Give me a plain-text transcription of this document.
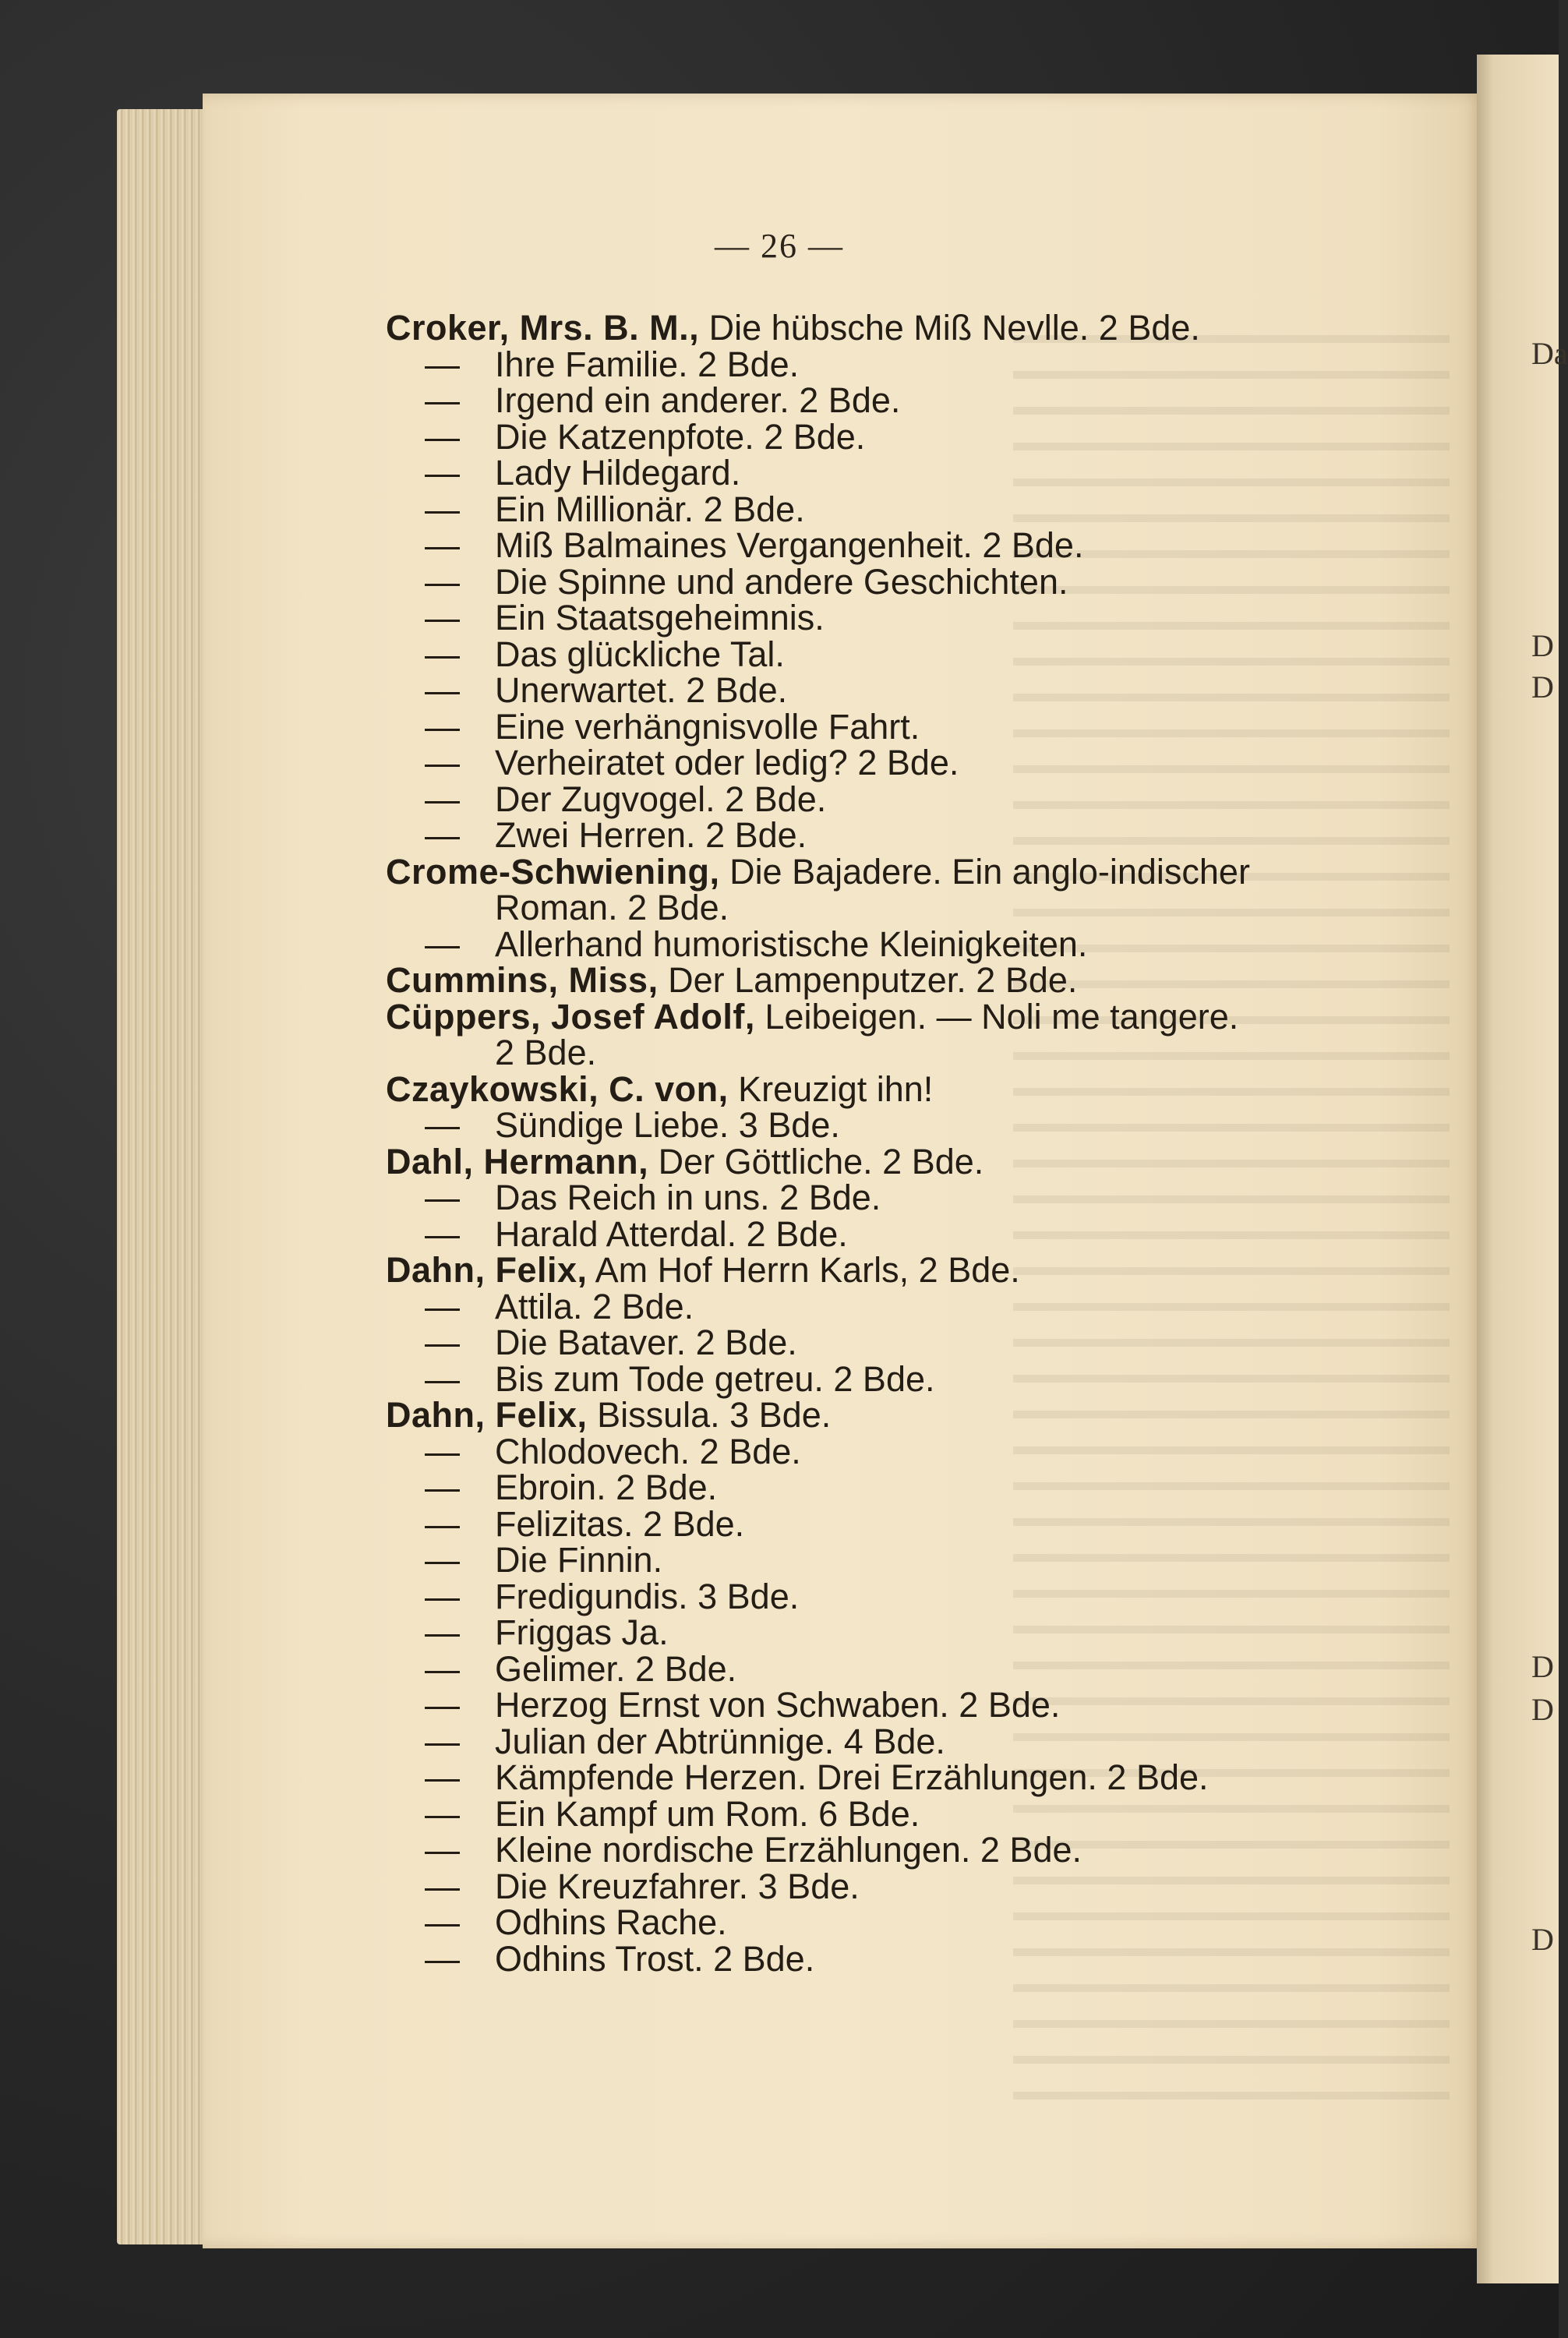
Da
D
D
D
D
D
— 26 —
Croker, Mrs. B. M., Die hübsche Miß Nevlle. 2 Bde.
— Ihre Familie. 2 Bde.
— Irgend ein anderer. 2 Bde.
— Die Katzenpfote. 2 Bde.
— Lady Hildegard.
— Ein Millionär. 2 Bde.
— Miß Balmaines Vergangenheit. 2 Bde.
— Die Spinne und andere Geschichten.
— Ein Staatsgeheimnis.
— Das glückliche Tal.
— Unerwartet. 2 Bde.
— Eine verhängnisvolle Fahrt.
— Verheiratet oder ledig? 2 Bde.
— Der Zugvogel. 2 Bde.
— Zwei Herren. 2 Bde.
Crome-Schwiening, Die Bajadere. Ein anglo-indischer
Roman. 2 Bde.
— Allerhand humoristische Kleinigkeiten.
Cummins, Miss, Der Lampenputzer. 2 Bde.
Cüppers, Josef Adolf, Leibeigen. — Noli me tangere.
2 Bde.
Czaykowski, C. von, Kreuzigt ihn!
— Sündige Liebe. 3 Bde.
Dahl, Hermann, Der Göttliche. 2 Bde.
— Das Reich in uns. 2 Bde.
— Harald Atterdal. 2 Bde.
Dahn, Felix, Am Hof Herrn Karls, 2 Bde.
— Attila. 2 Bde.
— Die Bataver. 2 Bde.
— Bis zum Tode getreu. 2 Bde.
Dahn, Felix, Bissula. 3 Bde.
— Chlodovech. 2 Bde.
— Ebroin. 2 Bde.
— Felizitas. 2 Bde.
— Die Finnin.
— Fredigundis. 3 Bde.
— Friggas Ja.
— Gelimer. 2 Bde.
— Herzog Ernst von Schwaben. 2 Bde.
— Julian der Abtrünnige. 4 Bde.
— Kämpfende Herzen. Drei Erzählungen. 2 Bde.
— Ein Kampf um Rom. 6 Bde.
— Kleine nordische Erzählungen. 2 Bde.
— Die Kreuzfahrer. 3 Bde.
— Odhins Rache.
— Odhins Trost. 2 Bde.
